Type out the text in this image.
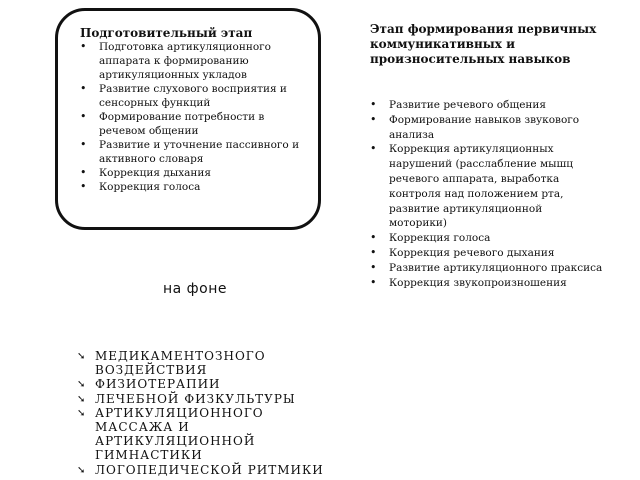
Подготовительный этап
• Подготовка артикуляционного аппарата к формированию артикуляционных укладов
• Развитие слухового восприятия и сенсорных функций
• Формирование потребности в речевом общении
• Развитие и уточнение пассивного и активного словаря
• Коррекция дыхания
• Коррекция голоса
Этап формирования первичных коммуникативных и произносительных навыков
• Развитие речевого общения
• Формирование навыков звукового анализа
• Коррекция артикуляционных нарушений (расслабление мышц речевого аппарата, выработка контроля над положением рта, развитие артикуляционной моторики)
• Коррекция голоса
• Коррекция речевого дыхания
• Развитие артикуляционного праксиса
• Коррекция звукопроизношения
на фоне
➘ МЕДИКАМЕНТОЗНОГО ВОЗДЕЙСТВИЯ
➘ ФИЗИОТЕРАПИИ
➘ ЛЕЧЕБНОЙ ФИЗКУЛЬТУРЫ
➘ АРТИКУЛЯЦИОННОГО МАССАЖА И АРТИКУЛЯЦИОННОЙ ГИМНАСТИКИ
➘ ЛОГОПЕДИЧЕСКОЙ РИТМИКИ
